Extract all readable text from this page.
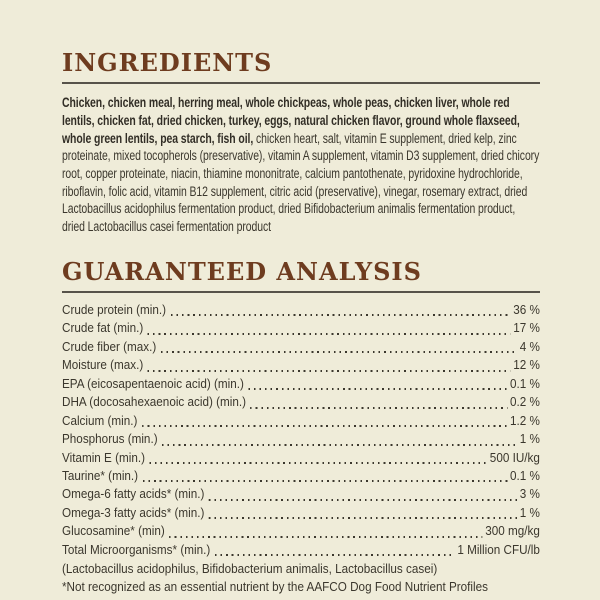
INGREDIENTS

Chicken, chicken meal, herring meal, whole chickpeas, whole peas, chicken liver, whole red lentils, chicken fat, dried chicken, turkey, eggs, natural chicken flavor, ground whole flaxseed, whole green lentils, pea starch, fish oil, chicken heart, salt, vitamin E supplement, dried kelp, zinc proteinate, mixed tocopherols (preservative), vitamin A supplement, vitamin D3 supplement, dried chicory root, copper proteinate, niacin, thiamine mononitrate, calcium pantothenate, pyridoxine hydrochloride, riboflavin, folic acid, vitamin B12 supplement, citric acid (preservative), vinegar, rosemary extract, dried Lactobacillus acidophilus fermentation product, dried Bifidobacterium animalis fermentation product, dried Lactobacillus casei fermentation product

GUARANTEED ANALYSIS
Crude protein (min.)	36 %
Crude fat (min.)	17 %
Crude fiber (max.)	4 %
Moisture (max.)	12 %
EPA (eicosapentaenoic acid) (min.)	0.1 %
DHA (docosahexaenoic acid) (min.)	0.2 %
Calcium (min.)	1.2 %
Phosphorus (min.)	1 %
Vitamin E (min.)	500 IU/kg
Taurine* (min.)	0.1 %
Omega-6 fatty acids* (min.)	3 %
Omega-3 fatty acids* (min.)	1 %
Glucosamine* (min)	300 mg/kg
Total Microorganisms* (min.)	1 Million CFU/lb
(Lactobacillus acidophilus, Bifidobacterium animalis, Lactobacillus casei)
*Not recognized as an essential nutrient by the AAFCO Dog Food Nutrient Profiles
